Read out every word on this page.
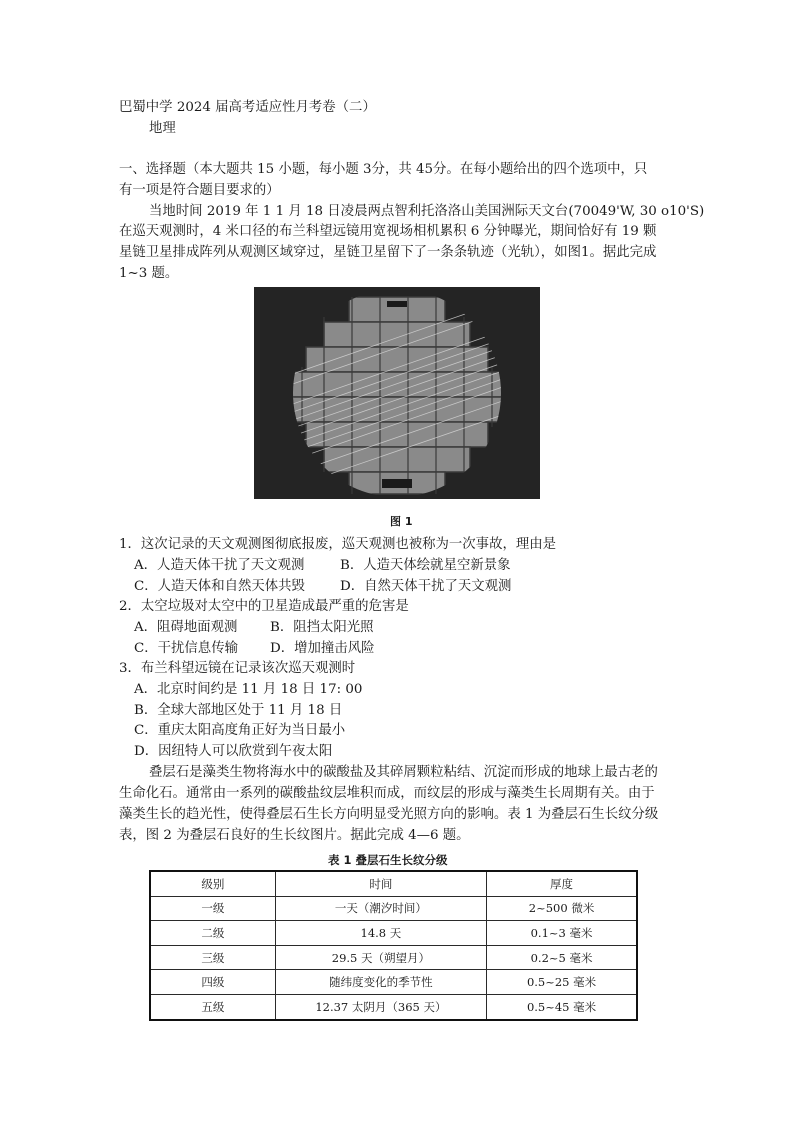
巴蜀中学 2024 届高考适应性月考卷（二）
地理
一、选择题（本大题共 15 小题，每小题 3分，共 45分。在每小题给出的四个选项中，只
有一项是符合题目要求的）
当地时间 2019 年 1 1 月 18 日凌晨两点智利托洛洛山美国洲际天文台(70049'W, 30 o10'S)
在巡天观测时，4 米口径的布兰科望远镜用宽视场相机累积 6 分钟曝光，期间恰好有 19 颗
星链卫星排成阵列从观测区域穿过，星链卫星留下了一条条轨迹（光轨），如图1。据此完成
1~3 题。
图 1
1．这次记录的天文观测图彻底报废，巡天观测也被称为一次事故，理由是
A．人造天体干扰了天文观测	B．人造天体绘就星空新景象
C．人造天体和自然天体共毁	D．自然天体干扰了天文观测
2．太空垃圾对太空中的卫星造成最严重的危害是
A．阻碍地面观测 B．阻挡太阳光照
C．干扰信息传输 D．增加撞击风险
3．布兰科望远镜在记录该次巡天观测时
A．北京时间约是 11 月 18 日 17: 00
B．全球大部地区处于 11 月 18 日
C．重庆太阳高度角正好为当日最小
D．因纽特人可以欣赏到午夜太阳
叠层石是藻类生物将海水中的碳酸盐及其碎屑颗粒粘结、沉淀而形成的地球上最古老的
生命化石。通常由一系列的碳酸盐纹层堆积而成，而纹层的形成与藻类生长周期有关。由于
藻类生长的趋光性，使得叠层石生长方向明显受光照方向的影响。表 1 为叠层石生长纹分级
表，图 2 为叠层石良好的生长纹图片。据此完成 4—6 题。
表 1 叠层石生长纹分级
级别	时间	厚度
一级	一天（潮汐时间）	2~500 微米
二级	14.8 天	0.1~3 毫米
三级	29.5 天（朔望月）	0.2~5 毫米
四级	随纬度变化的季节性	0.5~25 毫米
五级	12.37 太阴月（365 天）	0.5~45 毫米
